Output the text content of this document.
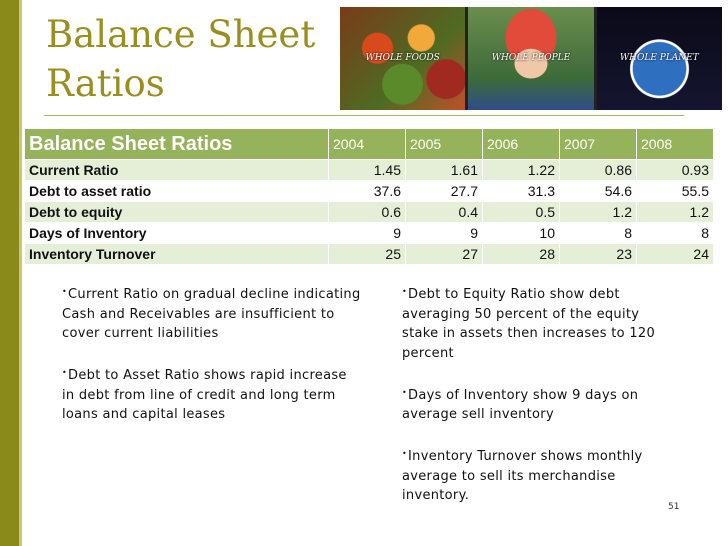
Balance Sheet Ratios
WHOLE FOODS	WHOLE PEOPLE	WHOLE PLANET
Balance Sheet Ratios	2004	2005	2006	2007	2008
Current Ratio	1.45	1.61	1.22	0.86	0.93
Debt to asset ratio	37.6	27.7	31.3	54.6	55.5
Debt to equity	0.6	0.4	0.5	1.2	1.2
Days of Inventory	9	9	10	8	8
Inventory Turnover	25	27	28	23	24

•Current Ratio on gradual decline indicating Cash and Receivables are insufficient to cover current liabilities

•Debt to Asset Ratio shows rapid increase in debt from line of credit and long term loans and capital leases

•Debt to Equity Ratio show debt averaging 50 percent of the equity stake in assets then increases to 120 percent

•Days of Inventory show 9 days on average sell inventory

•Inventory Turnover shows monthly average to sell its merchandise inventory.

51
